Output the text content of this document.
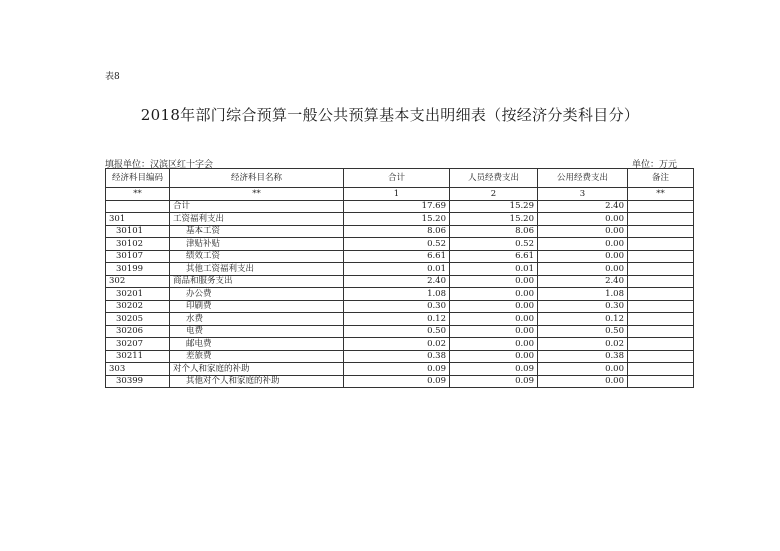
表8
2018年部门综合预算一般公共预算基本支出明细表（按经济分类科目分）
填报单位：汉滨区红十字会	单位：万元
经济科目编码	经济科目名称	合计	人员经费支出	公用经费支出	备注
**	**	1	2	3	**
	合计	17.69	15.29	2.40	
301	工资福利支出	15.20	15.20	0.00	
30101	基本工资	8.06	8.06	0.00	
30102	津贴补贴	0.52	0.52	0.00	
30107	绩效工资	6.61	6.61	0.00	
30199	其他工资福利支出	0.01	0.01	0.00	
302	商品和服务支出	2.40	0.00	2.40	
30201	办公费	1.08	0.00	1.08	
30202	印刷费	0.30	0.00	0.30	
30205	水费	0.12	0.00	0.12	
30206	电费	0.50	0.00	0.50	
30207	邮电费	0.02	0.00	0.02	
30211	差旅费	0.38	0.00	0.38	
303	对个人和家庭的补助	0.09	0.09	0.00	
30399	其他对个人和家庭的补助	0.09	0.09	0.00	
